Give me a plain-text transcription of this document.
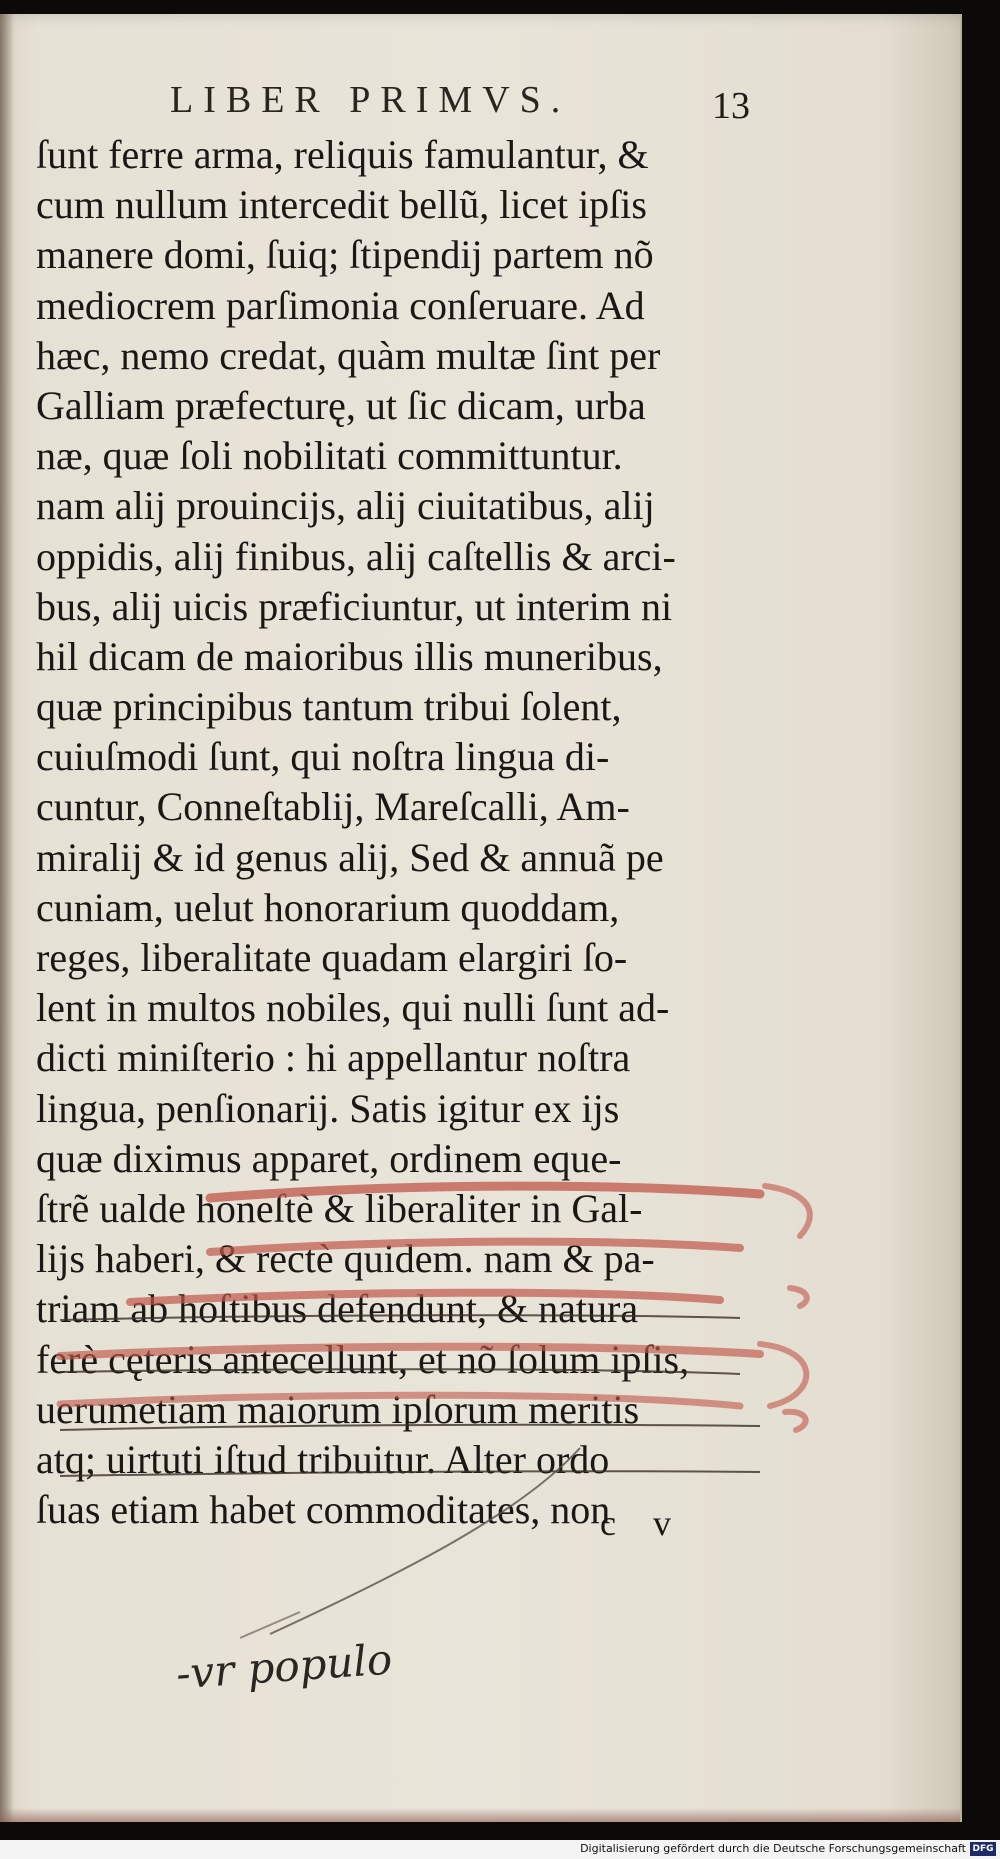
LIBER PRIMVS.	13
ſunt ferre arma, reliquis famulantur, &
cum nullum intercedit bellũ, licet ipſis
manere domi, ſuiq; ſtipendij partem nõ
mediocrem parſimonia conſeruare. Ad
hæc, nemo credat, quàm multæ ſint per
Galliam præfecturę, ut ſic dicam, urba
næ, quæ ſoli nobilitati committuntur.
nam alij prouincijs, alij ciuitatibus, alij
oppidis, alij finibus, alij caſtellis & arci-
bus, alij uicis præficiuntur, ut interim ni
hil dicam de maioribus illis muneribus,
quæ principibus tantum tribui ſolent,
cuiuſmodi ſunt, qui noſtra lingua di-
cuntur, Conneſtablij, Mareſcalli, Am-
miralij & id genus alij, Sed & annuã pe
cuniam, uelut honorarium quoddam,
reges, liberalitate quadam elargiri ſo-
lent in multos nobiles, qui nulli ſunt ad-
dicti miniſterio : hi appellantur noſtra
lingua, penſionarij. Satis igitur ex ijs
quæ diximus apparet, ordinem eque-
ſtrẽ ualde honeſtè & liberaliter in Gal-
lijs haberi, & rectè quidem. nam & pa-
triam ab hoſtibus defendunt, & natura
ferè cęteris antecellunt, et nõ ſolum ipſis,
uerumetiam maiorum ipſorum meritis
atq; uirtuti iſtud tribuitur. Alter ordo
ſuas etiam habet commoditates, non
c v
-vr populo
Digitalisierung gefördert durch die Deutsche Forschungsgemeinschaft DFG
